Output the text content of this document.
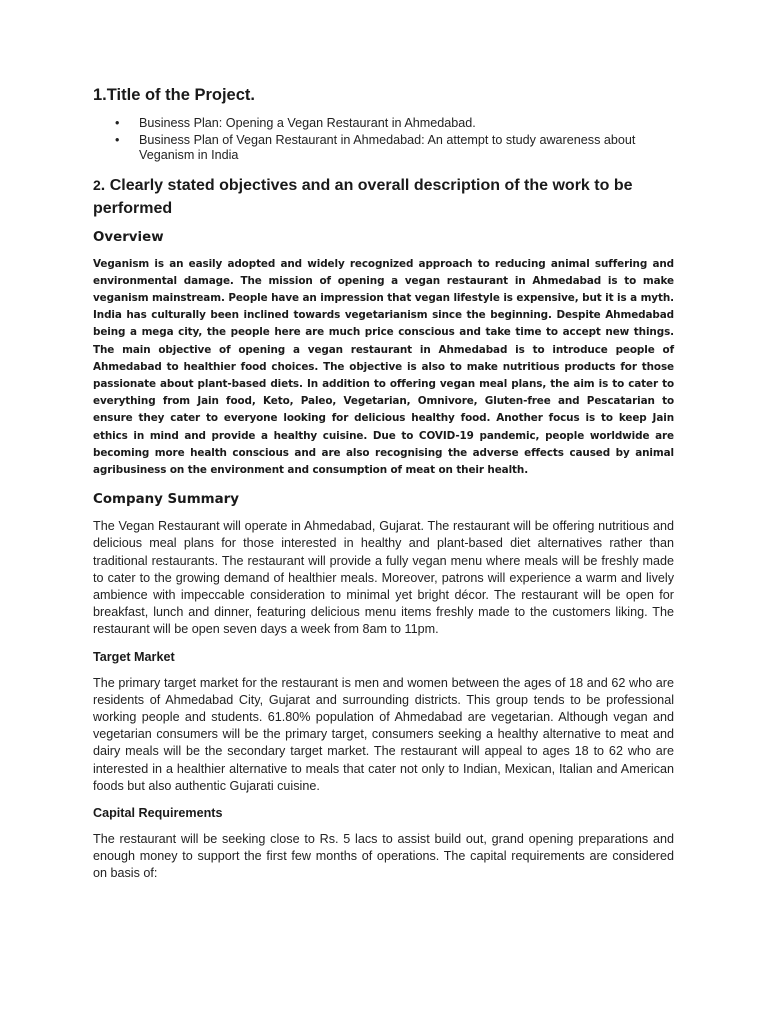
1.Title of the Project.
• Business Plan: Opening a Vegan Restaurant in Ahmedabad.
• Business Plan of Vegan Restaurant in Ahmedabad: An attempt to study awareness about Veganism in India
2. Clearly stated objectives and an overall description of the work to be performed
Overview

Veganism is an easily adopted and widely recognized approach to reducing animal suffering and environmental damage. The mission of opening a vegan restaurant in Ahmedabad is to make veganism mainstream. People have an impression that vegan lifestyle is expensive, but it is a myth. India has culturally been inclined towards vegetarianism since the beginning. Despite Ahmedabad being a mega city, the people here are much price conscious and take time to accept new things. The main objective of opening a vegan restaurant in Ahmedabad is to introduce people of Ahmedabad to healthier food choices. The objective is also to make nutritious products for those passionate about plant-based diets. In addition to offering vegan meal plans, the aim is to cater to everything from Jain food, Keto, Paleo, Vegetarian, Omnivore, Gluten-free and Pescatarian to ensure they cater to everyone looking for delicious healthy food. Another focus is to keep Jain ethics in mind and provide a healthy cuisine. Due to COVID-19 pandemic, people worldwide are becoming more health conscious and are also recognising the adverse effects caused by animal agribusiness on the environment and consumption of meat on their health.

Company Summary

The Vegan Restaurant will operate in Ahmedabad, Gujarat. The restaurant will be offering nutritious and delicious meal plans for those interested in healthy and plant-based diet alternatives rather than traditional restaurants. The restaurant will provide a fully vegan menu where meals will be freshly made to cater to the growing demand of healthier meals. Moreover, patrons will experience a warm and lively ambience with impeccable consideration to minimal yet bright décor. The restaurant will be open for breakfast, lunch and dinner, featuring delicious menu items freshly made to the customers liking. The restaurant will be open seven days a week from 8am to 11pm.

Target Market

The primary target market for the restaurant is men and women between the ages of 18 and 62 who are residents of Ahmedabad City, Gujarat and surrounding districts. This group tends to be professional working people and students. 61.80% population of Ahmedabad are vegetarian. Although vegan and vegetarian consumers will be the primary target, consumers seeking a healthy alternative to meat and dairy meals will be the secondary target market. The restaurant will appeal to ages 18 to 62 who are interested in a healthier alternative to meals that cater not only to Indian, Mexican, Italian and American foods but also authentic Gujarati cuisine.

Capital Requirements

The restaurant will be seeking close to Rs. 5 lacs to assist build out, grand opening preparations and enough money to support the first few months of operations. The capital requirements are considered on basis of:
